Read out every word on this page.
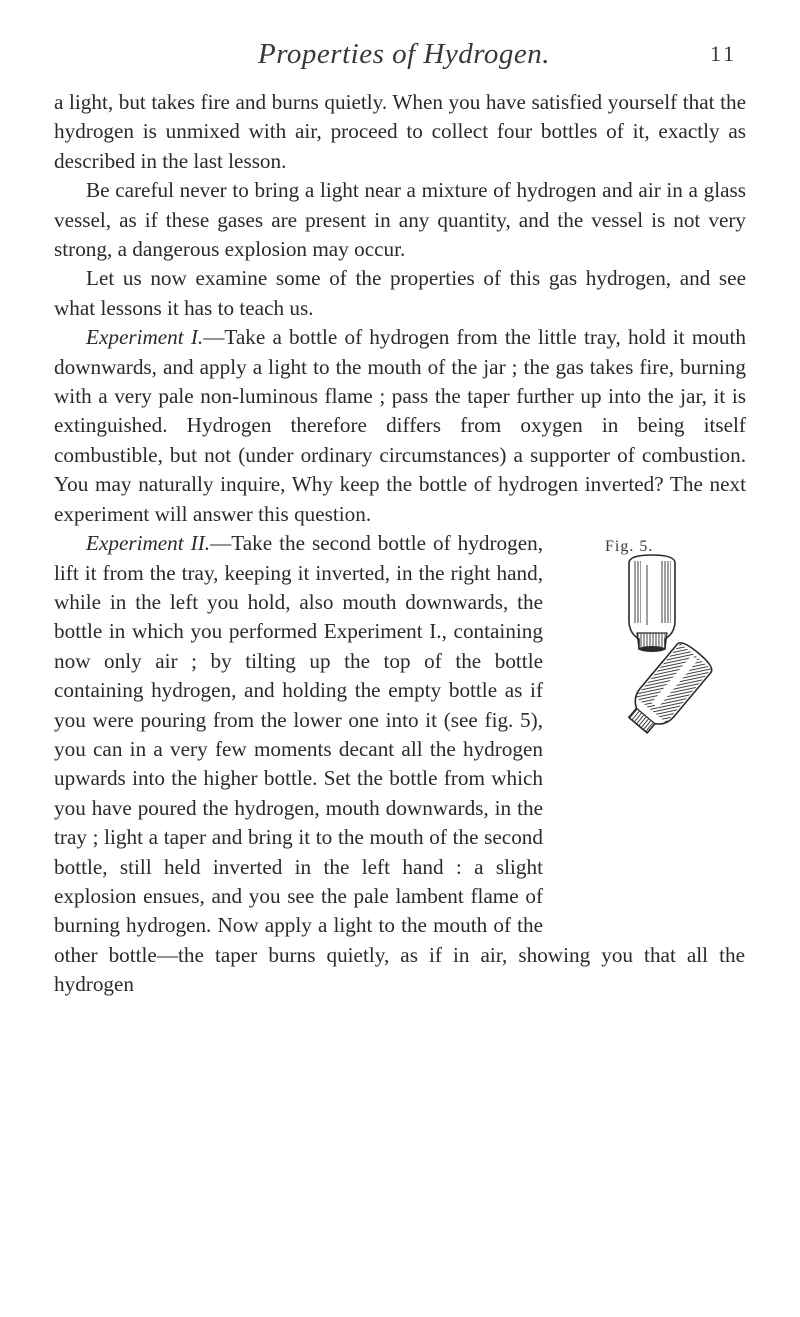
Properties of Hydrogen.	11

a light, but takes fire and burns quietly. When you have satisfied yourself that the hydrogen is unmixed with air, proceed to collect four bottles of it, exactly as described in the last lesson.

Be careful never to bring a light near a mixture of hydrogen and air in a glass vessel, as if these gases are present in any quantity, and the vessel is not very strong, a dangerous explosion may occur.

Let us now examine some of the properties of this gas hydrogen, and see what lessons it has to teach us.

Experiment I.—Take a bottle of hydrogen from the little tray, hold it mouth downwards, and apply a light to the mouth of the jar ; the gas takes fire, burning with a very pale non-luminous flame ; pass the taper further up into the jar, it is extinguished. Hydrogen therefore differs from oxygen in being itself combustible, but not (under ordinary circumstances) a supporter of combustion. You may naturally inquire, Why keep the bottle of hydrogen inverted? The next experiment will answer this question.

Fig. 5.

Experiment II.—Take the second bottle of hydrogen, lift it from the tray, keeping it inverted, in the right hand, while in the left you hold, also mouth downwards, the bottle in which you performed Experiment I., containing now only air ; by tilting up the top of the bottle containing hydrogen, and holding the empty bottle as if you were pouring from the lower one into it (see fig. 5), you can in a very few moments decant all the hydrogen upwards into the higher bottle. Set the bottle from which you have poured the hydrogen, mouth downwards, in the tray ; light a taper and bring it to the mouth of the second bottle, still held inverted in the left hand : a slight explosion ensues, and you see the pale lambent flame of burning hydrogen. Now apply a light to the mouth of the other bottle—the taper burns quietly, as if in air, showing you that all the hydrogen
